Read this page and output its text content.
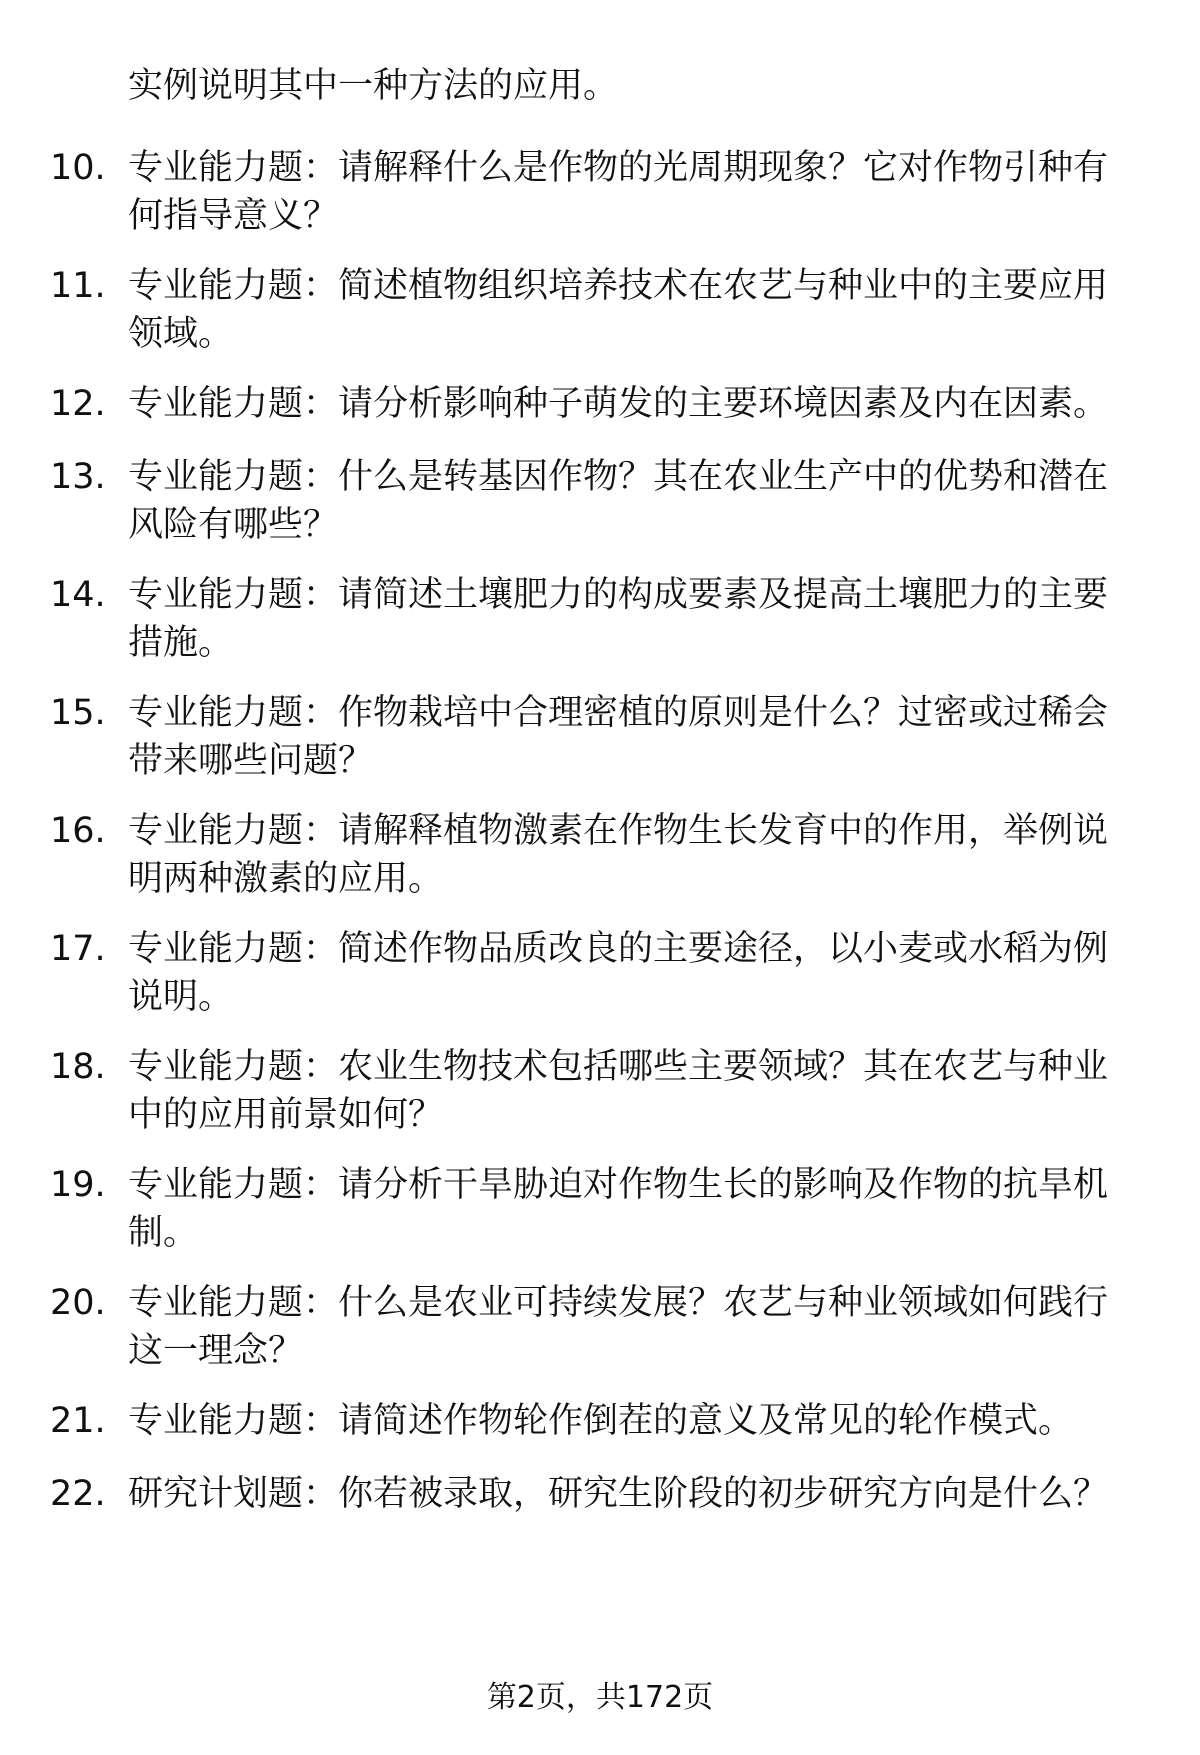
实例说明其中一种方法的应用。
10. 专业能力题：请解释什么是作物的光周期现象？它对作物引种有何指导意义？
11. 专业能力题：简述植物组织培养技术在农艺与种业中的主要应用领域。
12. 专业能力题：请分析影响种子萌发的主要环境因素及内在因素。
13. 专业能力题：什么是转基因作物？其在农业生产中的优势和潜在风险有哪些？
14. 专业能力题：请简述土壤肥力的构成要素及提高土壤肥力的主要措施。
15. 专业能力题：作物栽培中合理密植的原则是什么？过密或过稀会带来哪些问题？
16. 专业能力题：请解释植物激素在作物生长发育中的作用，举例说明两种激素的应用。
17. 专业能力题：简述作物品质改良的主要途径，以小麦或水稻为例说明。
18. 专业能力题：农业生物技术包括哪些主要领域？其在农艺与种业中的应用前景如何？
19. 专业能力题：请分析干旱胁迫对作物生长的影响及作物的抗旱机制。
20. 专业能力题：什么是农业可持续发展？农艺与种业领域如何践行这一理念？
21. 专业能力题：请简述作物轮作倒茬的意义及常见的轮作模式。
22. 研究计划题：你若被录取，研究生阶段的初步研究方向是什么？
第2页，共172页
